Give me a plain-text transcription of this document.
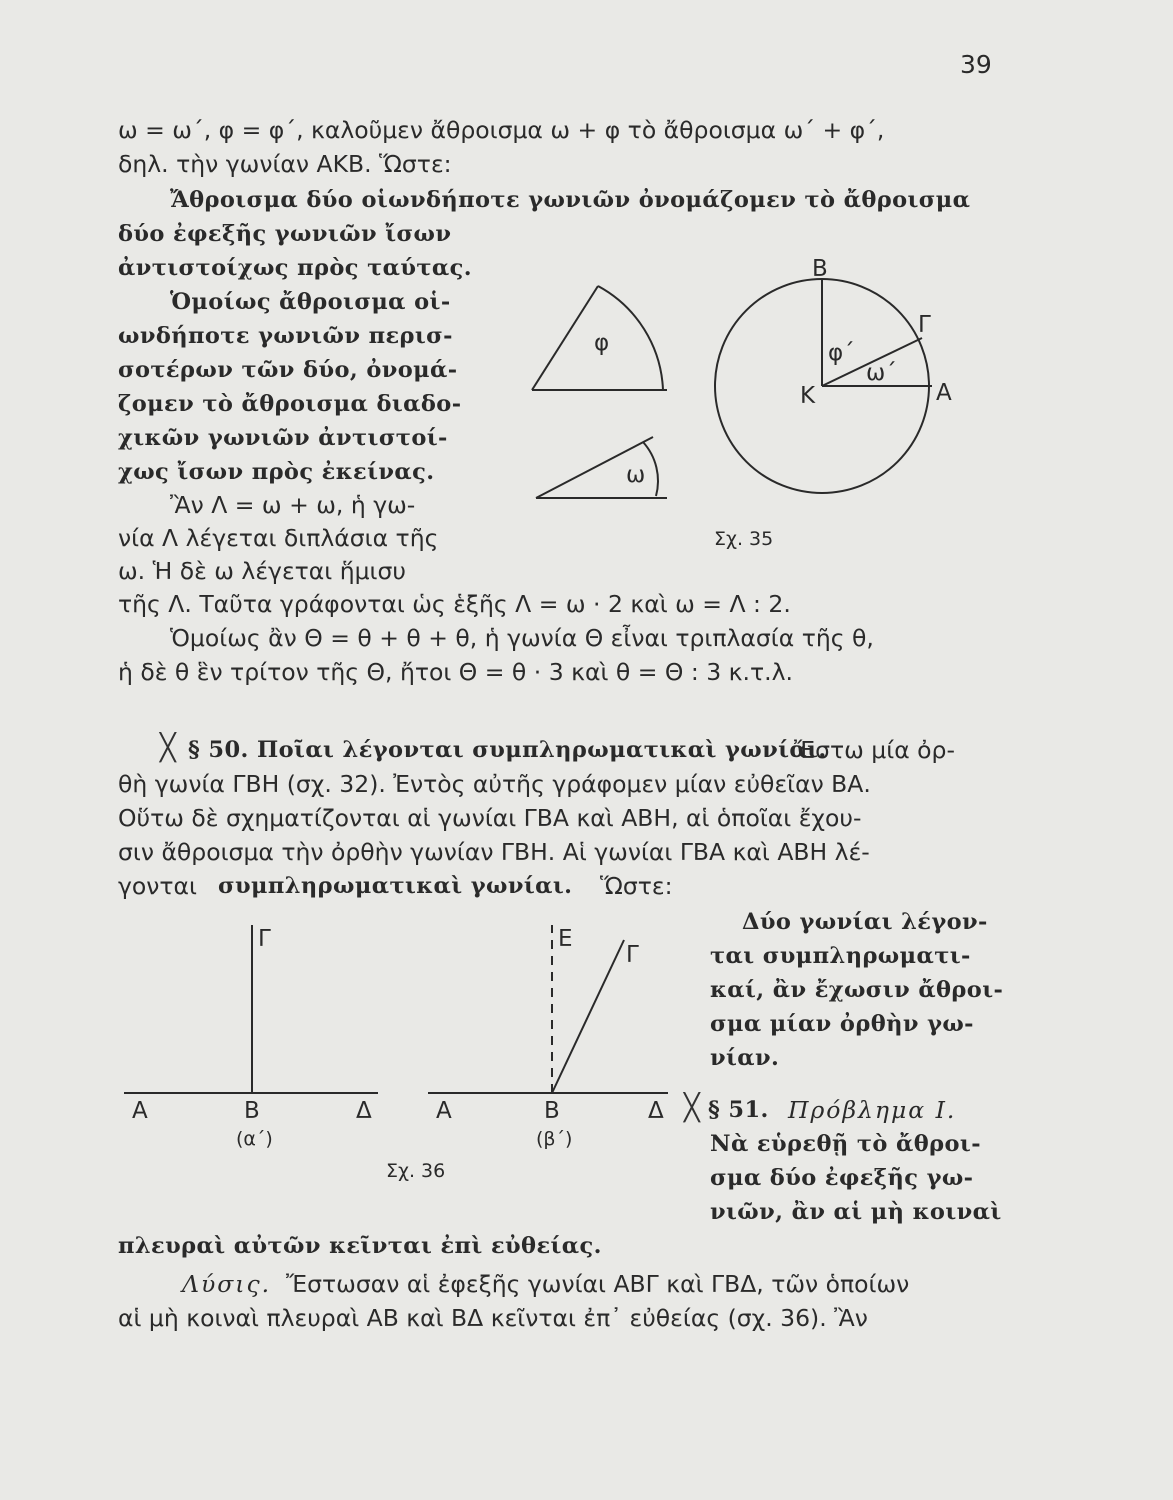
39
ω = ω΄, φ = φ΄, καλοῦμεν ἄθροισμα ω + φ τὸ ἄθροισμα ω΄ + φ΄,
δηλ. τὴν γωνίαν ΑΚΒ. Ὥστε:
Ἄθροισμα δύο οἱωνδήποτε γωνιῶν ὀνομάζομεν τὸ ἄθροισμα
δύο ἐφεξῆς γωνιῶν ἴσων
ἀντιστοίχως πρὸς ταύτας.
Ὁμοίως ἄθροισμα οἱ-
ωνδήποτε γωνιῶν περισ-
σοτέρων τῶν δύο, ὀνομά-
ζομεν τὸ ἄθροισμα διαδο-
χικῶν γωνιῶν ἀντιστοί-
χως ἴσων πρὸς ἐκείνας.
Ἂν Λ = ω + ω, ἡ γω-
νία Λ λέγεται διπλάσια τῆς
ω. Ἡ δὲ ω λέγεται ἥμισυ
τῆς Λ. Ταῦτα γράφονται ὡς ἑξῆς Λ = ω · 2 καὶ ω = Λ : 2.
Ὁμοίως ἂν Θ = θ + θ + θ, ἡ γωνία Θ εἶναι τριπλασία τῆς θ,
ἡ δὲ θ ἓν τρίτον τῆς Θ, ἤτοι Θ = θ · 3 καὶ θ = Θ : 3 κ.τ.λ.
╳ § 50. Ποῖαι λέγονται συμπληρωματικαὶ γωνίαι.
Ἔστω μία ὀρ-
θὴ γωνία ΓΒΗ (σχ. 32). Ἐντὸς αὐτῆς γράφομεν μίαν εὐθεῖαν ΒΑ.
Οὕτω δὲ σχηματίζονται αἱ γωνίαι ΓΒΑ καὶ ΑΒΗ, αἱ ὁποῖαι ἔχου-
σιν ἄθροισμα τὴν ὀρθὴν γωνίαν ΓΒΗ. Αἱ γωνίαι ΓΒΑ καὶ ΑΒΗ λέ-
γονται συμπληρωματικαὶ γωνίαι. Ὥστε:
Δύο γωνίαι λέγον-
ται συμπληρωματι-
καί, ἂν ἔχωσιν ἄθροι-
σμα μίαν ὀρθὴν γω-
νίαν.
╳ § 51. Πρόβλημα Ι.
Νὰ εὑρεθῇ τὸ ἄθροι-
σμα δύο ἐφεξῆς γω-
νιῶν, ἂν αἱ μὴ κοιναὶ
πλευραὶ αὐτῶν κεῖνται ἐπὶ εὐθείας.
Λύσις. Ἔστωσαν αἱ ἐφεξῆς γωνίαι ΑΒΓ καὶ ΓΒΔ, τῶν ὁποίων
αἱ μὴ κοιναὶ πλευραὶ ΑΒ καὶ ΒΔ κεῖνται ἐπ᾽ εὐθείας (σχ. 36). Ἂν
φ
ω
Β
Γ
Κ	Α
φ΄
ω΄
Σχ. 35
Γ
Α	Β	Δ
(α΄)
Ε
Γ
Α	Β	Δ
(β΄)
Σχ. 36
